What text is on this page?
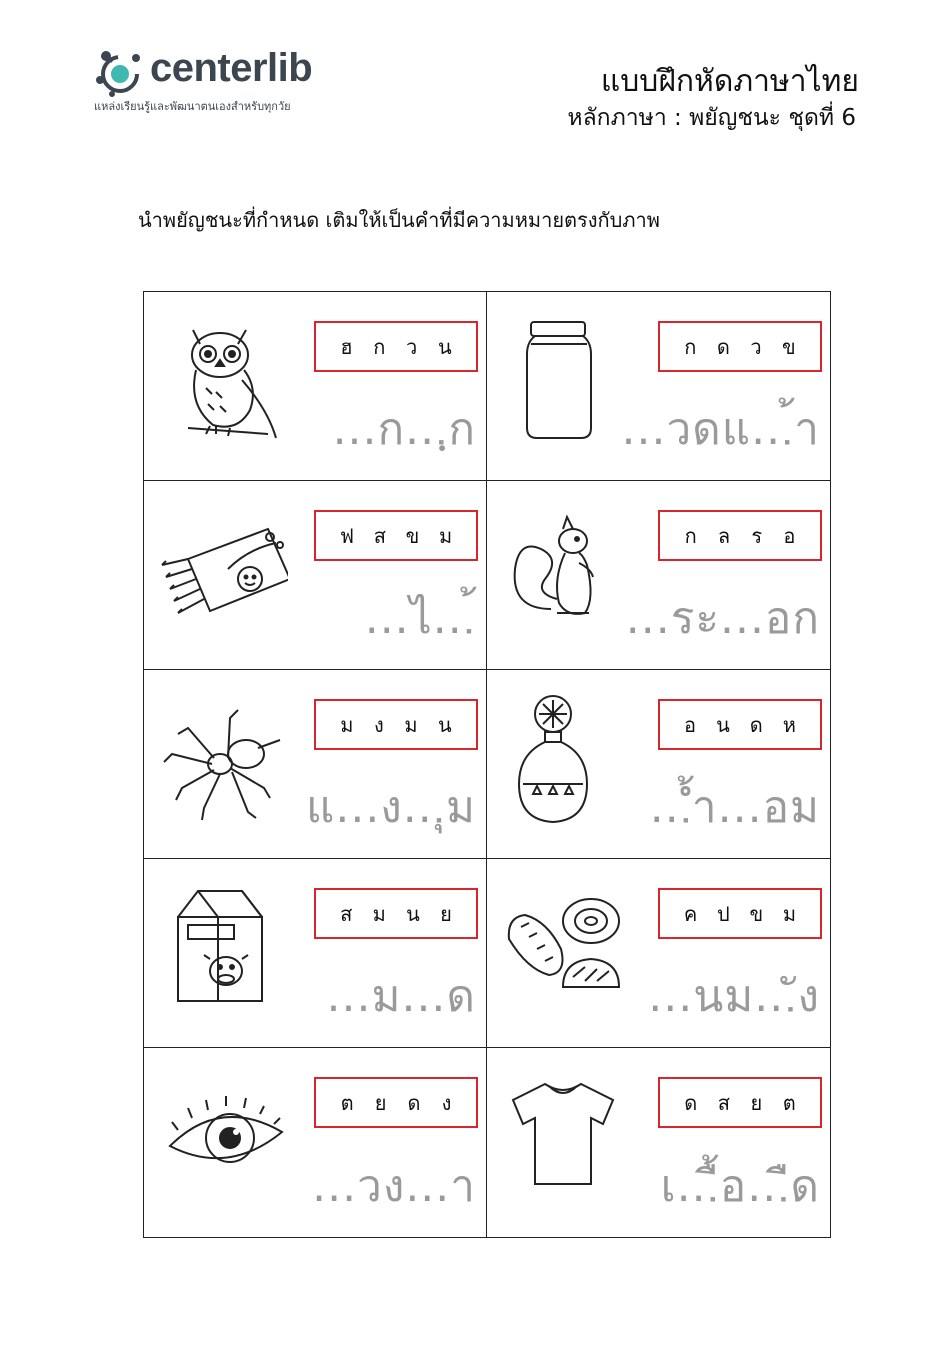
centerlib
แหล่งเรียนรู้และพัฒนาตนเองสำหรับทุกวัย
แบบฝึกหัดภาษาไทย
หลักภาษา : พยัญชนะ ชุดที่ 6
นำพยัญชนะที่กำหนด เติมให้เป็นคำที่มีความหมายตรงกับภาพ
ฮ ก ว น
...ก...ฺก
ก ด ว ข
...วดแ...้า
ฟ ส ข ม
...ไ...้
ก ล ร อ
...ระ...อก
ม ง ม น
แ...ง...ุม
อ น ด ห
...้ำ...อม
ส ม น ย
...ม...ด
ค ป ข ม
...นม...ัง
ต ย ด ง
...วง...า
ด ส ย ต
เ...ื้อ...ืด
